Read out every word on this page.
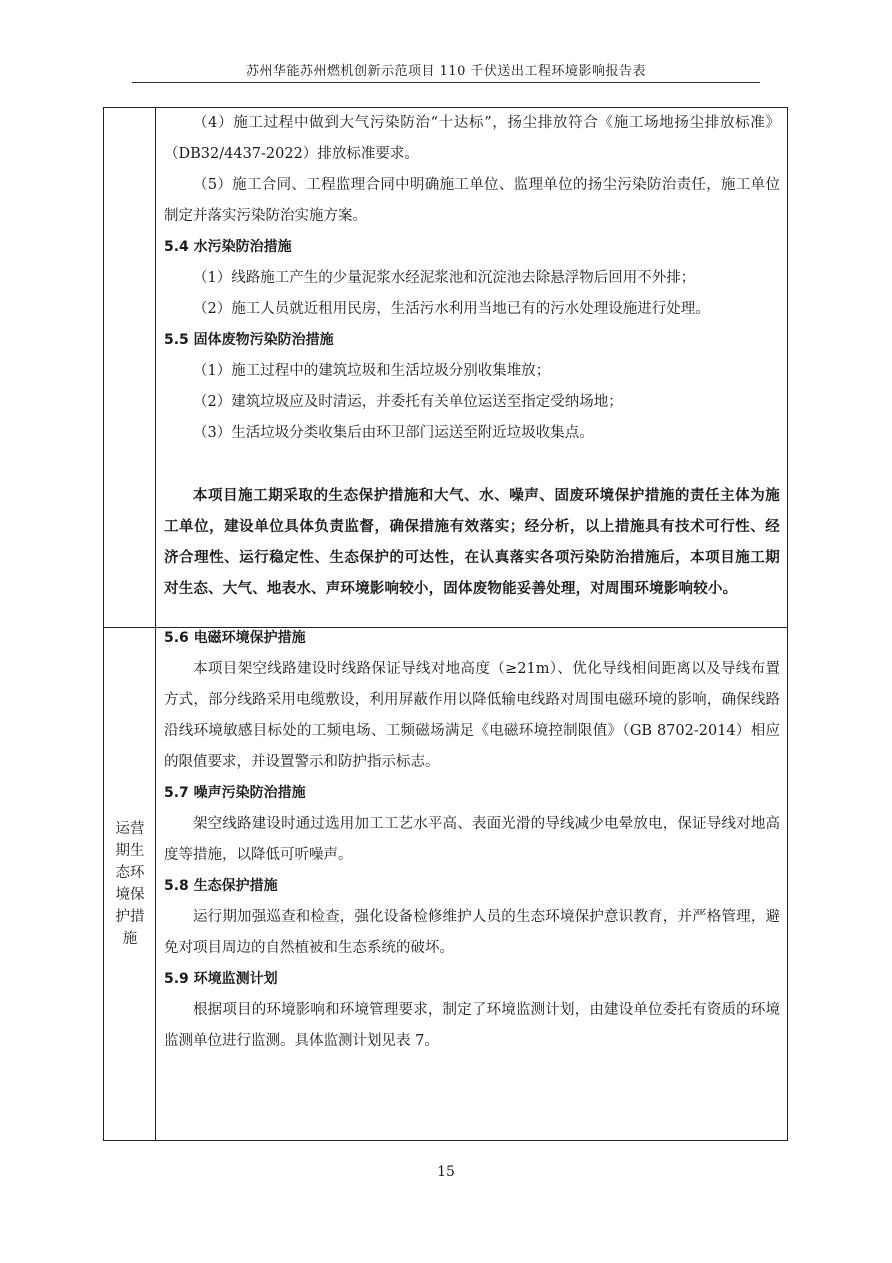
苏州华能苏州燃机创新示范项目 110 千伏送出工程环境影响报告表

（4）施工过程中做到大气污染防治“十达标”，扬尘排放符合《施工场地扬尘排放标准》（DB32/4437-2022）排放标准要求。

（5）施工合同、工程监理合同中明确施工单位、监理单位的扬尘污染防治责任，施工单位制定并落实污染防治实施方案。

5.4 水污染防治措施

（1）线路施工产生的少量泥浆水经泥浆池和沉淀池去除悬浮物后回用不外排；

（2）施工人员就近租用民房，生活污水利用当地已有的污水处理设施进行处理。

5.5 固体废物污染防治措施

（1）施工过程中的建筑垃圾和生活垃圾分别收集堆放；

（2）建筑垃圾应及时清运，并委托有关单位运送至指定受纳场地；

（3）生活垃圾分类收集后由环卫部门运送至附近垃圾收集点。

本项目施工期采取的生态保护措施和大气、水、噪声、固废环境保护措施的责任主体为施工单位，建设单位具体负责监督，确保措施有效落实；经分析，以上措施具有技术可行性、经济合理性、运行稳定性、生态保护的可达性，在认真落实各项污染防治措施后，本项目施工期对生态、大气、地表水、声环境影响较小，固体废物能妥善处理，对周围环境影响较小。

运营期生态环境保护措施

5.6 电磁环境保护措施

本项目架空线路建设时线路保证导线对地高度（≥21m）、优化导线相间距离以及导线布置方式，部分线路采用电缆敷设，利用屏蔽作用以降低输电线路对周围电磁环境的影响，确保线路沿线环境敏感目标处的工频电场、工频磁场满足《电磁环境控制限值》（GB 8702-2014）相应的限值要求，并设置警示和防护指示标志。

5.7 噪声污染防治措施

架空线路建设时通过选用加工工艺水平高、表面光滑的导线减少电晕放电，保证导线对地高度等措施，以降低可听噪声。

5.8 生态保护措施

运行期加强巡查和检查，强化设备检修维护人员的生态环境保护意识教育，并严格管理，避免对项目周边的自然植被和生态系统的破坏。

5.9 环境监测计划

根据项目的环境影响和环境管理要求，制定了环境监测计划，由建设单位委托有资质的环境监测单位进行监测。具体监测计划见表 7。

15
